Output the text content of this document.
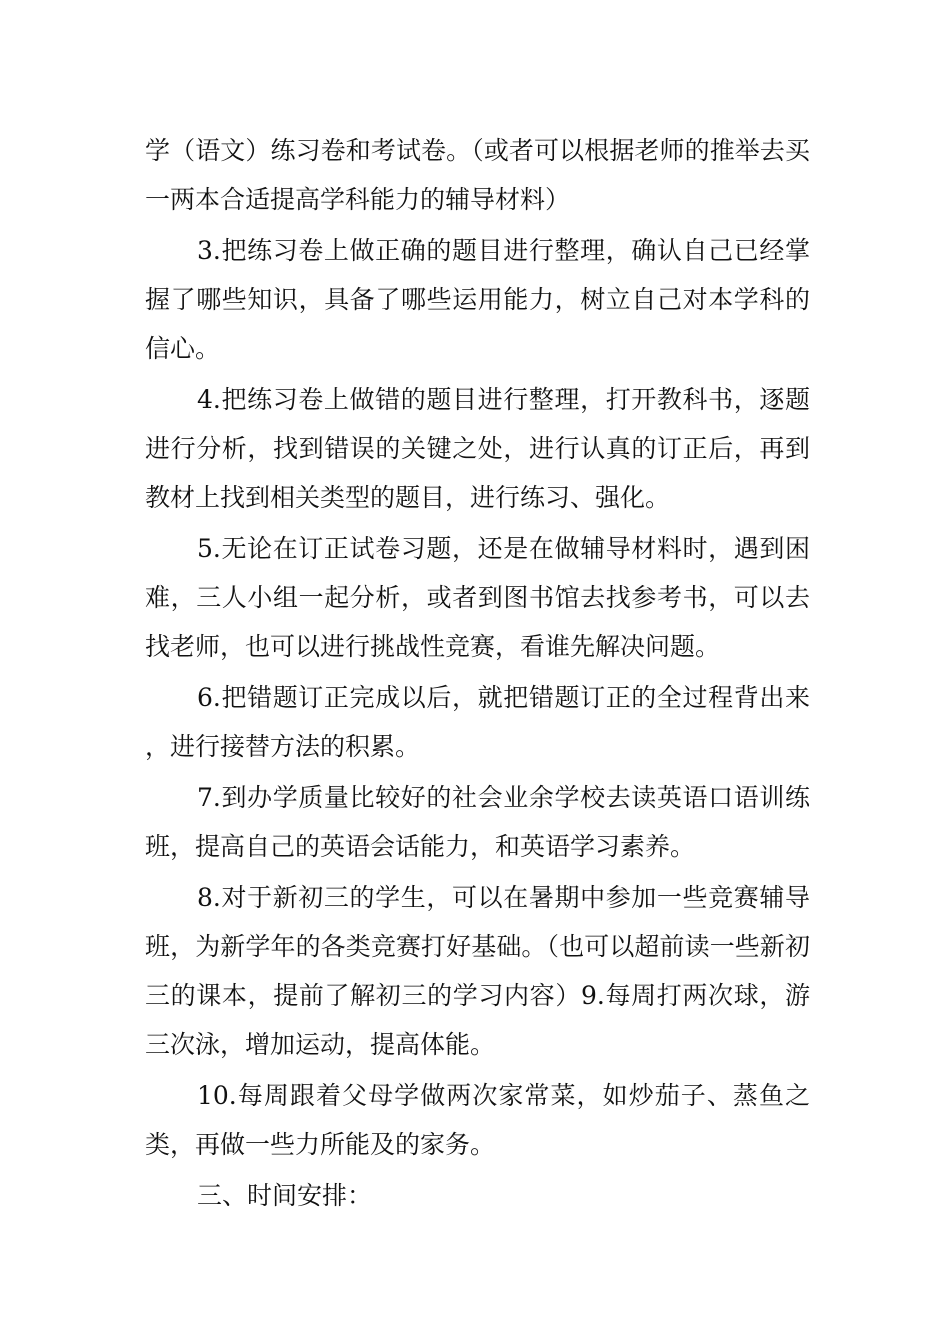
学（语文）练习卷和考试卷。（或者可以根据老师的推举去买一两本合适提高学科能力的辅导材料）

3.把练习卷上做正确的题目进行整理，确认自己已经掌握了哪些知识，具备了哪些运用能力，树立自己对本学科的信心。

4.把练习卷上做错的题目进行整理，打开教科书，逐题进行分析，找到错误的关键之处，进行认真的订正后，再到教材上找到相关类型的题目，进行练习、强化。

5.无论在订正试卷习题，还是在做辅导材料时，遇到困难，三人小组一起分析，或者到图书馆去找参考书，可以去找老师，也可以进行挑战性竞赛，看谁先解决问题。

6.把错题订正完成以后，就把错题订正的全过程背出来，进行接替方法的积累。

7.到办学质量比较好的社会业余学校去读英语口语训练班，提高自己的英语会话能力，和英语学习素养。

8.对于新初三的学生，可以在暑期中参加一些竞赛辅导班，为新学年的各类竞赛打好基础。（也可以超前读一些新初三的课本，提前了解初三的学习内容）9.每周打两次球，游三次泳，增加运动，提高体能。

10.每周跟着父母学做两次家常菜，如炒茄子、蒸鱼之类，再做一些力所能及的家务。

三、时间安排：
